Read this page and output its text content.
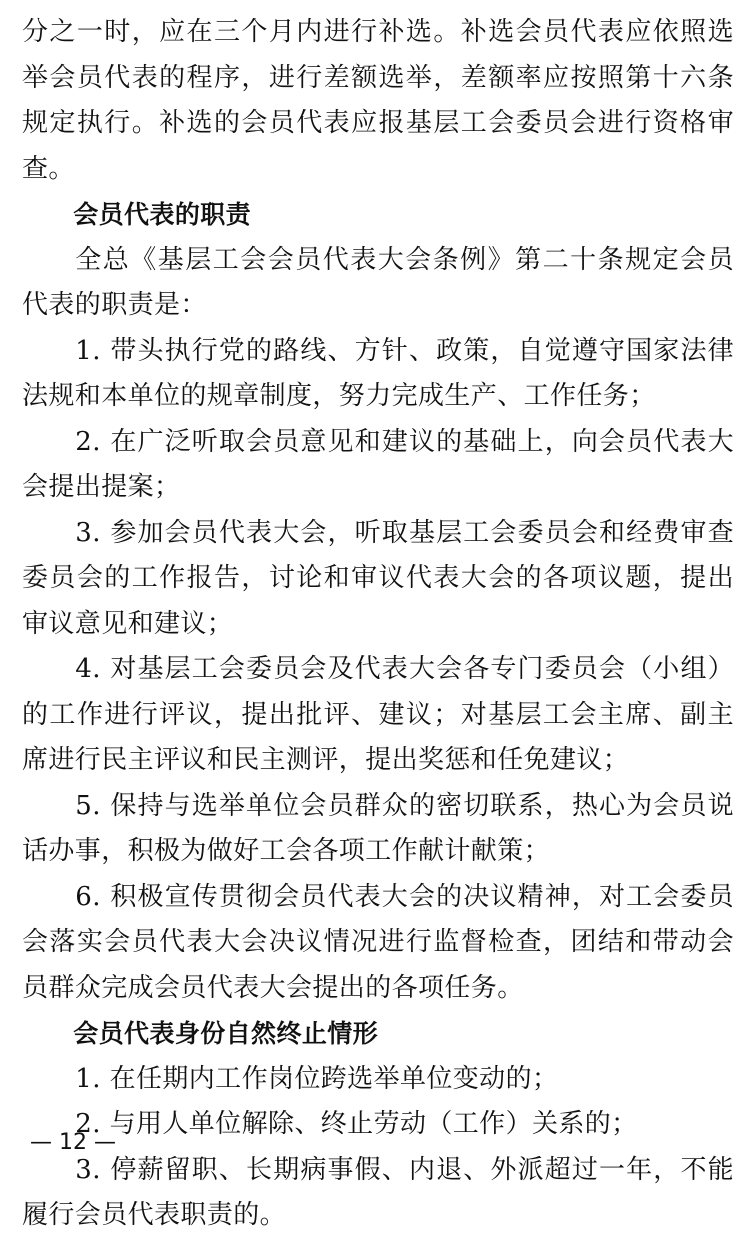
分之一时，应在三个月内进行补选。补选会员代表应依照选举会员代表的程序，进行差额选举，差额率应按照第十六条规定执行。补选的会员代表应报基层工会委员会进行资格审查。

会员代表的职责

全总《基层工会会员代表大会条例》第二十条规定会员代表的职责是：

1. 带头执行党的路线、方针、政策，自觉遵守国家法律法规和本单位的规章制度，努力完成生产、工作任务；

2. 在广泛听取会员意见和建议的基础上，向会员代表大会提出提案；

3. 参加会员代表大会，听取基层工会委员会和经费审查委员会的工作报告，讨论和审议代表大会的各项议题，提出审议意见和建议；

4. 对基层工会委员会及代表大会各专门委员会（小组）的工作进行评议，提出批评、建议；对基层工会主席、副主席进行民主评议和民主测评，提出奖惩和任免建议；

5. 保持与选举单位会员群众的密切联系，热心为会员说话办事，积极为做好工会各项工作献计献策；

6. 积极宣传贯彻会员代表大会的决议精神，对工会委员会落实会员代表大会决议情况进行监督检查，团结和带动会员群众完成会员代表大会提出的各项任务。

会员代表身份自然终止情形

1. 在任期内工作岗位跨选举单位变动的；

2. 与用人单位解除、终止劳动（工作）关系的；

3. 停薪留职、长期病事假、内退、外派超过一年，不能履行会员代表职责的。

— 12 —
